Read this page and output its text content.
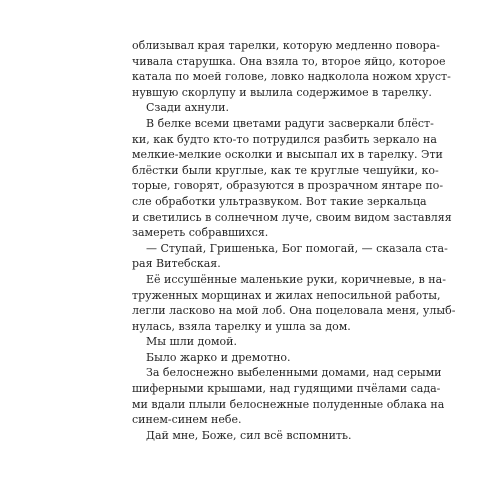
облизывал края тарелки, которую медленно повора-
чивала старушка. Она взяла то, второе яйцо, которое
катала по моей голове, ловко надколола ножом хруст-
нувшую скорлупу и вылила содержимое в тарелку.
Сзади ахнули.
В белке всеми цветами радуги засверкали блёст-
ки, как будто кто-то потрудился разбить зеркало на
мелкие-мелкие осколки и высыпал их в тарелку. Эти
блёстки были круглые, как те круглые чешуйки, ко-
торые, говорят, образуются в прозрачном янтаре по-
сле обработки ультразвуком. Вот такие зеркальца
и светились в солнечном луче, своим видом заставляя
замереть собравшихся.
— Ступай, Гришенька, Бог помогай, — сказала ста-
рая Витебская.
Её иссушённые маленькие руки, коричневые, в на-
труженных морщинах и жилах непосильной работы,
легли ласково на мой лоб. Она поцеловала меня, улыб-
нулась, взяла тарелку и ушла за дом.
Мы шли домой.
Было жарко и дремотно.
За белоснежно выбеленными домами, над серыми
шиферными крышами, над гудящими пчёлами сада-
ми вдали плыли белоснежные полуденные облака на
синем-синем небе.
Дай мне, Боже, сил всё вспомнить.
